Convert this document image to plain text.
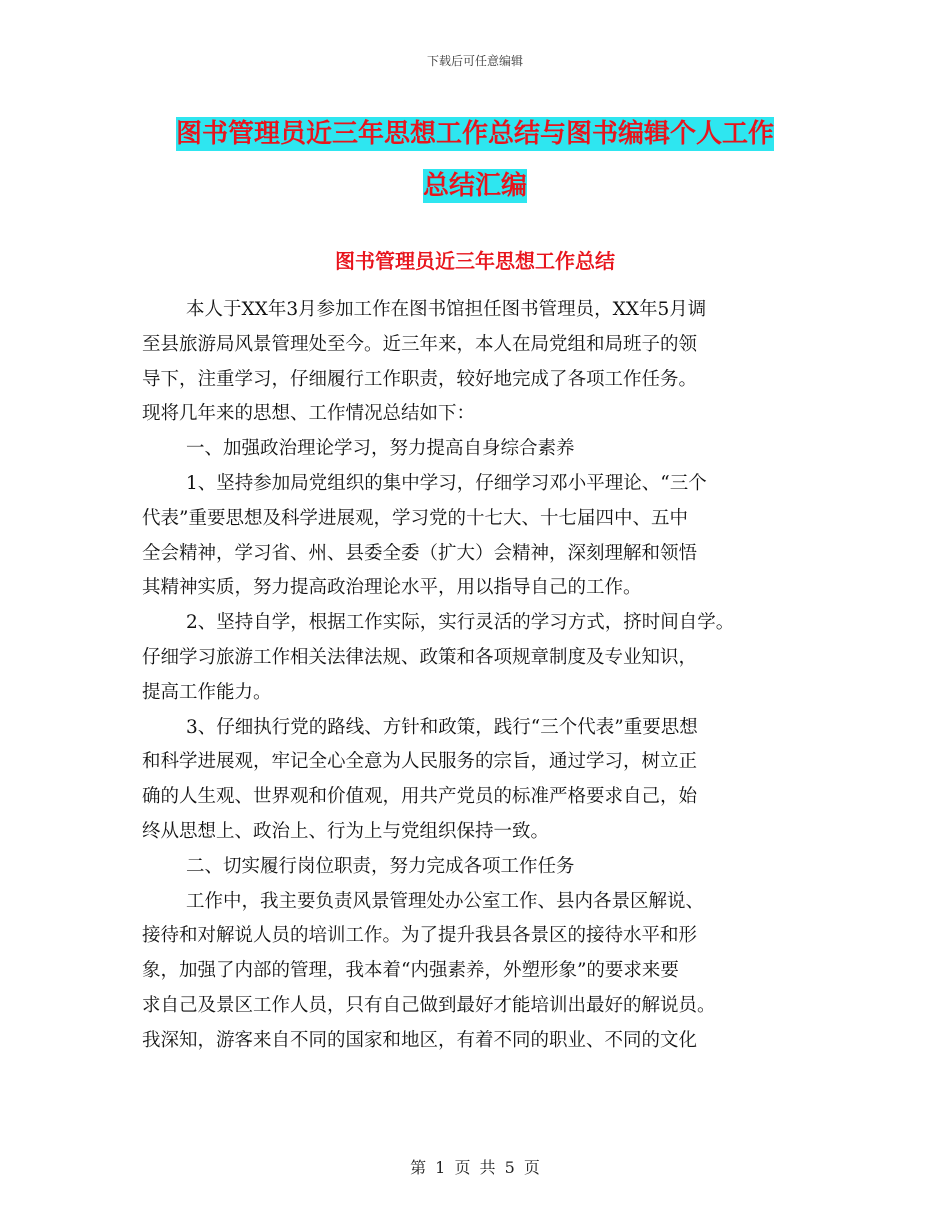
下载后可任意编辑
图书管理员近三年思想工作总结与图书编辑个人工作
总结汇编
图书管理员近三年思想工作总结

本人于XX年3月参加工作在图书馆担任图书管理员，XX年5月调

至县旅游局风景管理处至今。近三年来，本人在局党组和局班子的领

导下，注重学习，仔细履行工作职责，较好地完成了各项工作任务。

现将几年来的思想、工作情况总结如下：

一、加强政治理论学习，努力提高自身综合素养

1、坚持参加局党组织的集中学习，仔细学习邓小平理论、“三个

代表”重要思想及科学进展观，学习党的十七大、十七届四中、五中

全会精神，学习省、州、县委全委（扩大）会精神，深刻理解和领悟

其精神实质，努力提高政治理论水平，用以指导自己的工作。

2、坚持自学，根据工作实际，实行灵活的学习方式，挤时间自学。

仔细学习旅游工作相关法律法规、政策和各项规章制度及专业知识，

提高工作能力。

3、仔细执行党的路线、方针和政策，践行“三个代表”重要思想

和科学进展观，牢记全心全意为人民服务的宗旨，通过学习，树立正

确的人生观、世界观和价值观，用共产党员的标准严格要求自己，始

终从思想上、政治上、行为上与党组织保持一致。

二、切实履行岗位职责，努力完成各项工作任务

工作中，我主要负责风景管理处办公室工作、县内各景区解说、

接待和对解说人员的培训工作。为了提升我县各景区的接待水平和形

象，加强了内部的管理，我本着“内强素养，外塑形象”的要求来要

求自己及景区工作人员，只有自己做到最好才能培训出最好的解说员。

我深知，游客来自不同的国家和地区，有着不同的职业、不同的文化

第 1 页 共 5 页
